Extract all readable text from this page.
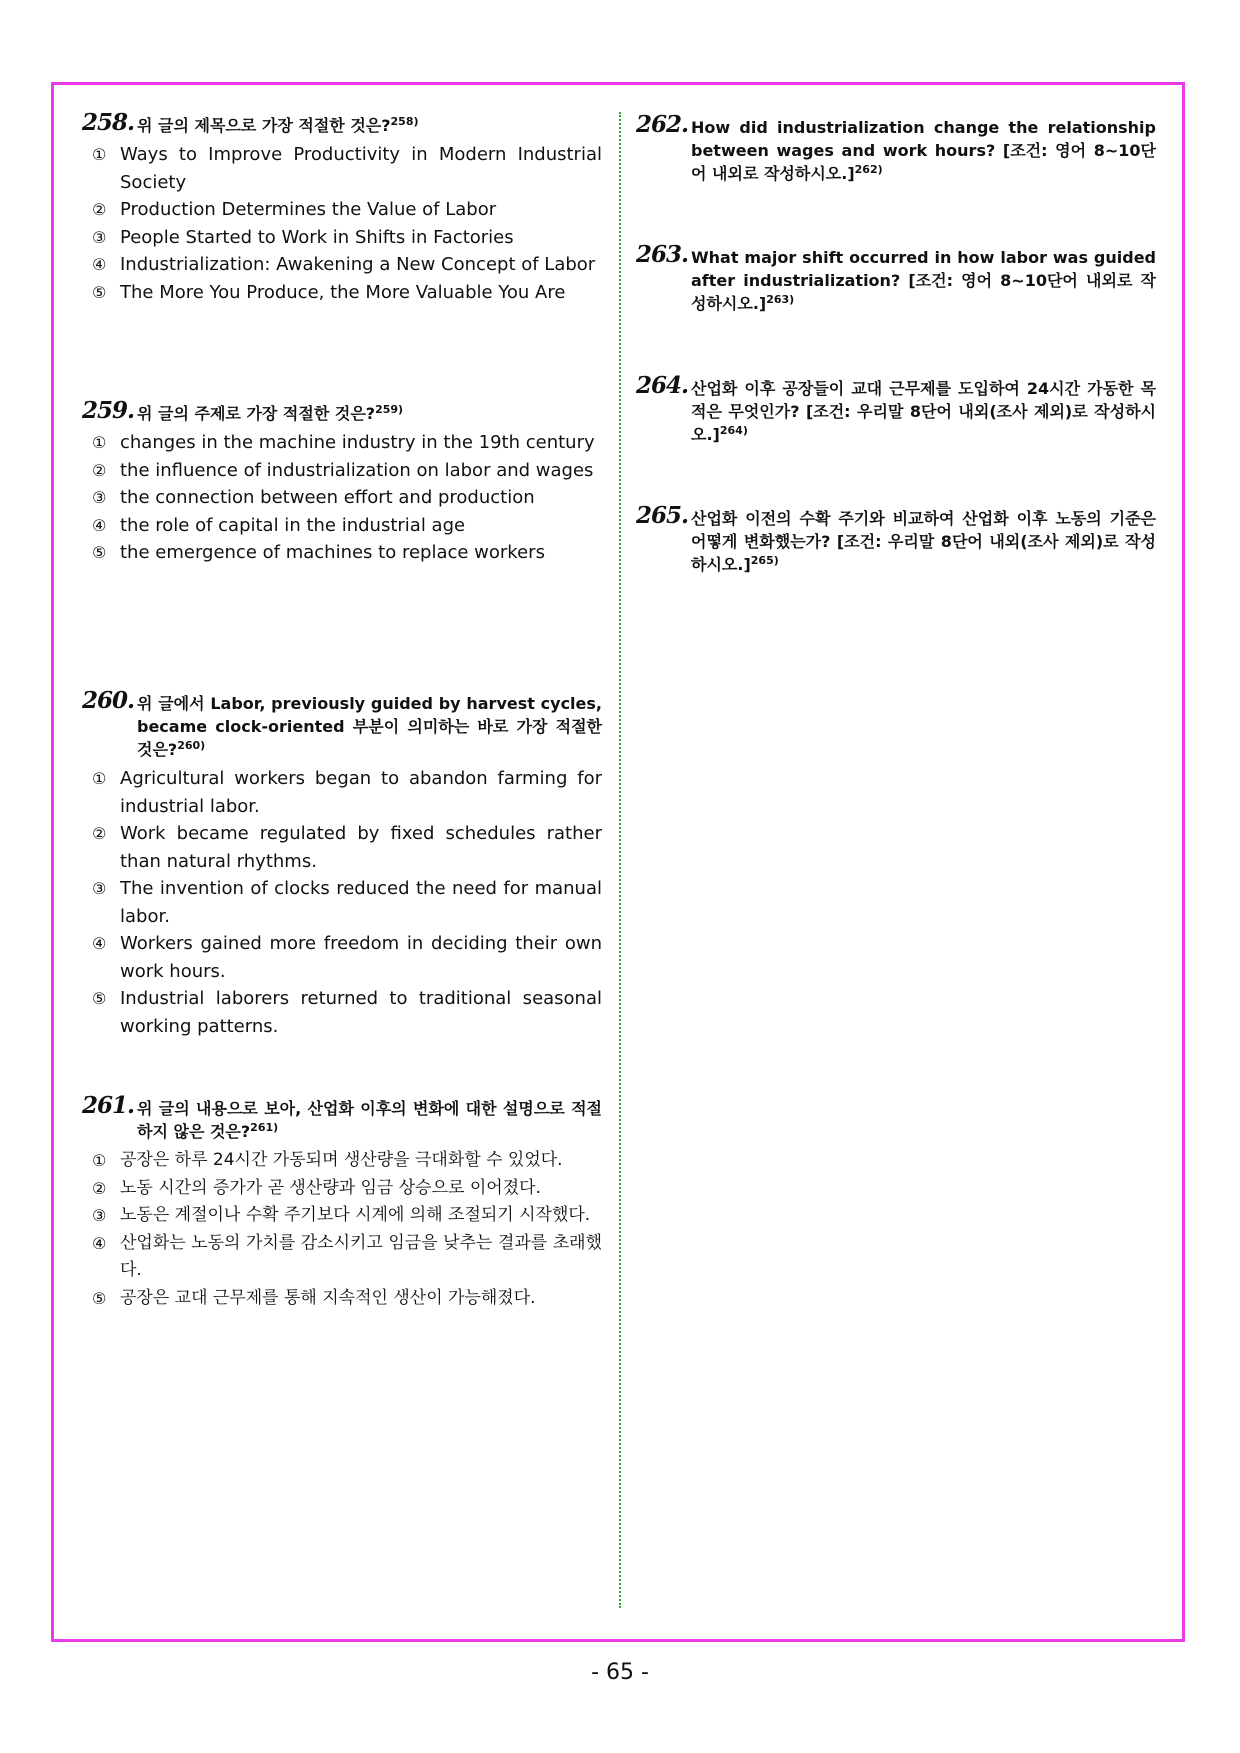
258. 위 글의 제목으로 가장 적절한 것은?$^{258)}$
① Ways to Improve Productivity in Modern Industrial Society
② Production Determines the Value of Labor
③ People Started to Work in Shifts in Factories
④ Industrialization: Awakening a New Concept of Labor
⑤ The More You Produce, the More Valuable You Are
259. 위 글의 주제로 가장 적절한 것은?$^{259)}$
① changes in the machine industry in the 19th century
② the influence of industrialization on labor and wages
③ the connection between effort and production
④ the role of capital in the industrial age
⑤ the emergence of machines to replace workers
260. 위 글에서 Labor, previously guided by harvest cycles, became clock-oriented 부분이 의미하는 바로 가장 적절한 것은?$^{260)}$
① Agricultural workers began to abandon farming for industrial labor.
② Work became regulated by fixed schedules rather than natural rhythms.
③ The invention of clocks reduced the need for manual labor.
④ Workers gained more freedom in deciding their own work hours.
⑤ Industrial laborers returned to traditional seasonal working patterns.
261. 위 글의 내용으로 보아, 산업화 이후의 변화에 대한 설명으로 적절하지 않은 것은?$^{261)}$
① 공장은 하루 24시간 가동되며 생산량을 극대화할 수 있었다.
② 노동 시간의 증가가 곧 생산량과 임금 상승으로 이어졌다.
③ 노동은 계절이나 수확 주기보다 시계에 의해 조절되기 시작했다.
④ 산업화는 노동의 가치를 감소시키고 임금을 낮추는 결과를 초래했다.
⑤ 공장은 교대 근무제를 통해 지속적인 생산이 가능해졌다.
262. How did industrialization change the relationship between wages and work hours? [조건: 영어 8~10단어 내외로 작성하시오.]$^{262)}$
263. What major shift occurred in how labor was guided after industrialization? [조건: 영어 8~10단어 내외로 작성하시오.]$^{263)}$
264. 산업화 이후 공장들이 교대 근무제를 도입하여 24시간 가동한 목적은 무엇인가? [조건: 우리말 8단어 내외(조사 제외)로 작성하시오.]$^{264)}$
265. 산업화 이전의 수확 주기와 비교하여 산업화 이후 노동의 기준은 어떻게 변화했는가? [조건: 우리말 8단어 내외(조사 제외)로 작성하시오.]$^{265)}$
- 65 -
